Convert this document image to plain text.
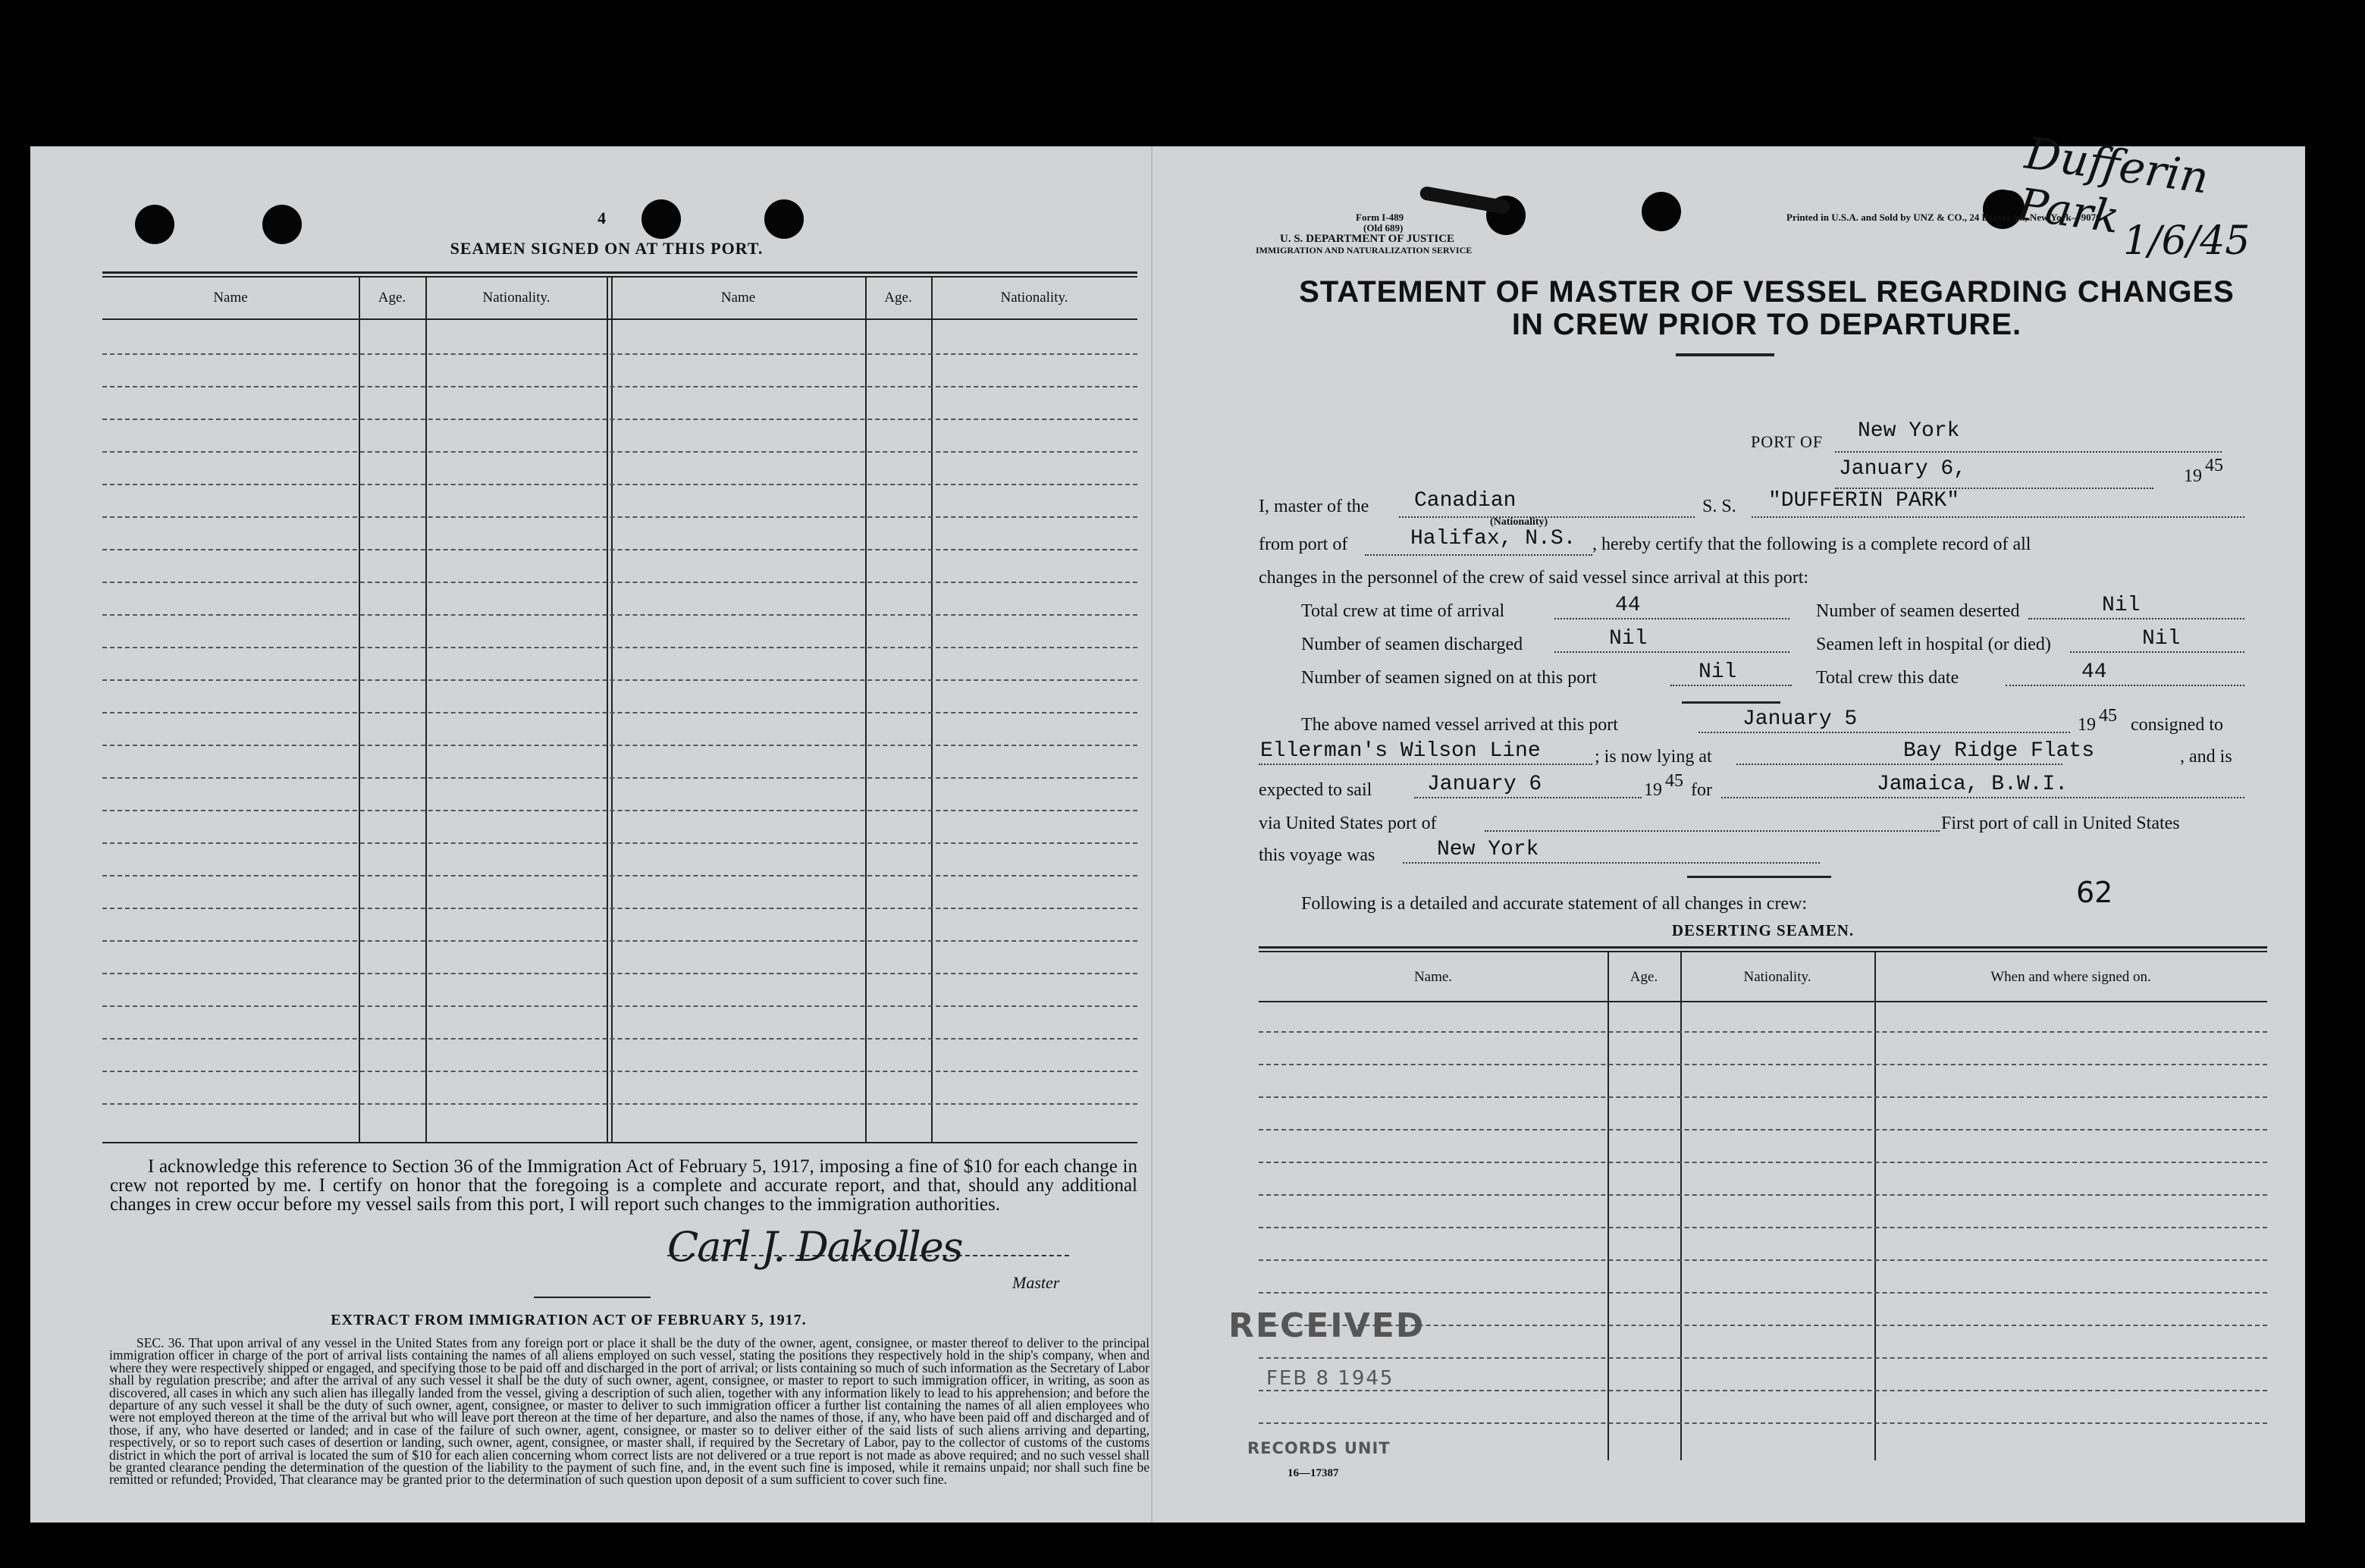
4
SEAMEN SIGNED ON AT THIS PORT.
Name	Age.	Nationality.	Name	Age.	Nationality.
I acknowledge this reference to Section 36 of the Immigration Act of February 5, 1917, imposing a fine of $10 for each change in crew not reported by me. I certify on honor that the foregoing is a complete and accurate report, and that, should any additional changes in crew occur before my vessel sails from this port, I will report such changes to the immigration authorities.
Carl J. Dakolles
Master
EXTRACT FROM IMMIGRATION ACT OF FEBRUARY 5, 1917.
SEC. 36. That upon arrival of any vessel in the United States from any foreign port or place it shall be the duty of the owner, agent, consignee, or master thereof to deliver to the principal immigration officer in charge of the port of arrival lists containing the names of all aliens employed on such vessel, stating the positions they respectively hold in the ship's company, when and where they were respectively shipped or engaged, and specifying those to be paid off and discharged in the port of arrival; or lists containing so much of such information as the Secretary of Labor shall by regulation prescribe; and after the arrival of any such vessel it shall be the duty of such owner, agent, consignee, or master to report to such immigration officer, in writing, as soon as discovered, all cases in which any such alien has illegally landed from the vessel, giving a description of such alien, together with any information likely to lead to his apprehension; and before the departure of any such vessel it shall be the duty of such owner, agent, consignee, or master to deliver to such immigration officer a further list containing the names of all alien employees who were not employed thereon at the time of the arrival but who will leave port thereon at the time of her departure, and also the names of those, if any, who have been paid off and discharged and of those, if any, who have deserted or landed; and in case of the failure of such owner, agent, consignee, or master so to deliver either of the said lists of such aliens arriving and departing, respectively, or so to report such cases of desertion or landing, such owner, agent, consignee, or master shall, if required by the Secretary of Labor, pay to the collector of customs of the customs district in which the port of arrival is located the sum of $10 for each alien concerning whom correct lists are not delivered or a true report is not made as above required; and no such vessel shall be granted clearance pending the determination of the question of the liability to the payment of such fine, and, in the event such fine is imposed, while it remains unpaid; nor shall such fine be remitted or refunded; Provided, That clearance may be granted prior to the determination of such question upon deposit of a sum sufficient to cover such fine.
Form I-489
(Old 689)
U. S. DEPARTMENT OF JUSTICE
IMMIGRATION AND NATURALIZATION SERVICE
Printed in U.S.A. and Sold by UNZ & CO., 24 Beaver St., New York—9076
Dufferin Park 1/6/45
STATEMENT OF MASTER OF VESSEL REGARDING CHANGES
IN CREW PRIOR TO DEPARTURE.
PORT OF New York
January 6,	19
45
I, master of the Canadian
(Nationality)
S. S. "DUFFERIN PARK"
from port of	Halifax, N.S. , hereby certify that the following is a complete record of all
changes in the personnel of the crew of said vessel since arrival at this port:
Total crew at time of arrival	44	Number of seamen deserted	Nil
Number of seamen discharged	Nil	Seamen left in hospital (or died)	Nil
Number of seamen signed on at this port	Nil	Total crew this date	44
The above named vessel arrived at this port	January 5	19 45 consigned to
Ellerman's Wilson Line	; is now lying at	Bay Ridge Flats	, and is
expected to sail	January 6	19 45 for	Jamaica, B.W.I.
via United States port of	First port of call in United States
this voyage was	New York
Following is a detailed and accurate statement of all changes in crew:	62
DESERTING SEAMEN.
Name.	Age.	Nationality.	When and where signed on.
RECEIVED
FEB 8 1945
RECORDS UNIT
16—17387
